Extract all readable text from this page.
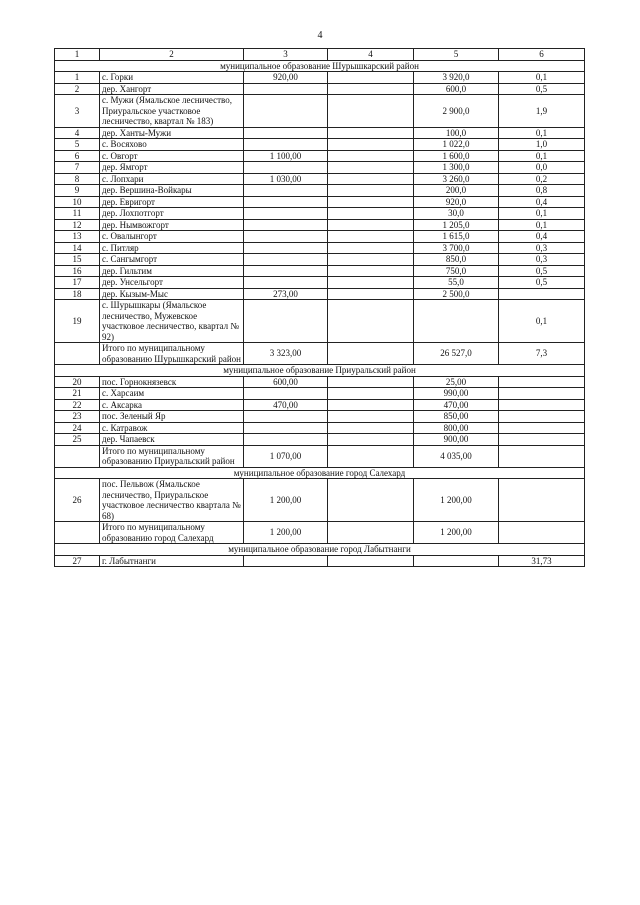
4
1	2	3	4	5	6
муниципальное образование Шурышкарский район					
1	с. Горки	920,00		3 920,0	0,1
2	дер. Хангорт			600,0	0,5
3	с. Мужи (Ямальское лесничество, Приуральское участковое лесничество, квартал № 183)			2 900,0	1,9
4	дер. Ханты-Мужи			100,0	0,1
5	с. Восяхово			1 022,0	1,0
6	с. Овгорт	1 100,00		1 600,0	0,1
7	дер. Ямгорт			1 300,0	0,0
8	с. Лопхари	1 030,00		3 260,0	0,2
9	дер. Вершина-Войкары			200,0	0,8
10	дер. Евригорт			920,0	0,4
11	дер. Лохпотгорт			30,0	0,1
12	дер. Нымвожгорт			1 205,0	0,1
13	с. Овалынгорт			1 615,0	0,4
14	с. Питляр			3 700,0	0,3
15	с. Сангымгорт			850,0	0,3
16	дер. Гильтим			750,0	0,5
17	дер. Унсельгорт			55,0	0,5
18	дер. Кызым-Мыс	273,00		2 500,0	
19	с. Шурышкары (Ямальское лесничество, Мужевское участковое лесничество, квартал № 92)				0,1
	Итого по муниципальному образованию Шурышкарский район	3 323,00		26 527,0	7,3
муниципальное образование Приуральский район					
20	пос. Горнокнязевск	600,00		25,00	
21	с. Харсаим			990,00	
22	с. Аксарка	470,00		470,00	
23	пос. Зеленый Яр			850,00	
24	с. Катравож			800,00	
25	дер. Чапаевск			900,00	
	Итого по муниципальному образованию Приуральский район	1 070,00		4 035,00	
муниципальное образование город Салехард					
26	пос. Пельвож (Ямальское лесничество, Приуральское участковое лесничество квартала № 68)	1 200,00		1 200,00	
	Итого по муниципальному образованию город Салехард	1 200,00		1 200,00	
муниципальное образование город Лабытнанги					
27	г. Лабытнанги				31,73
